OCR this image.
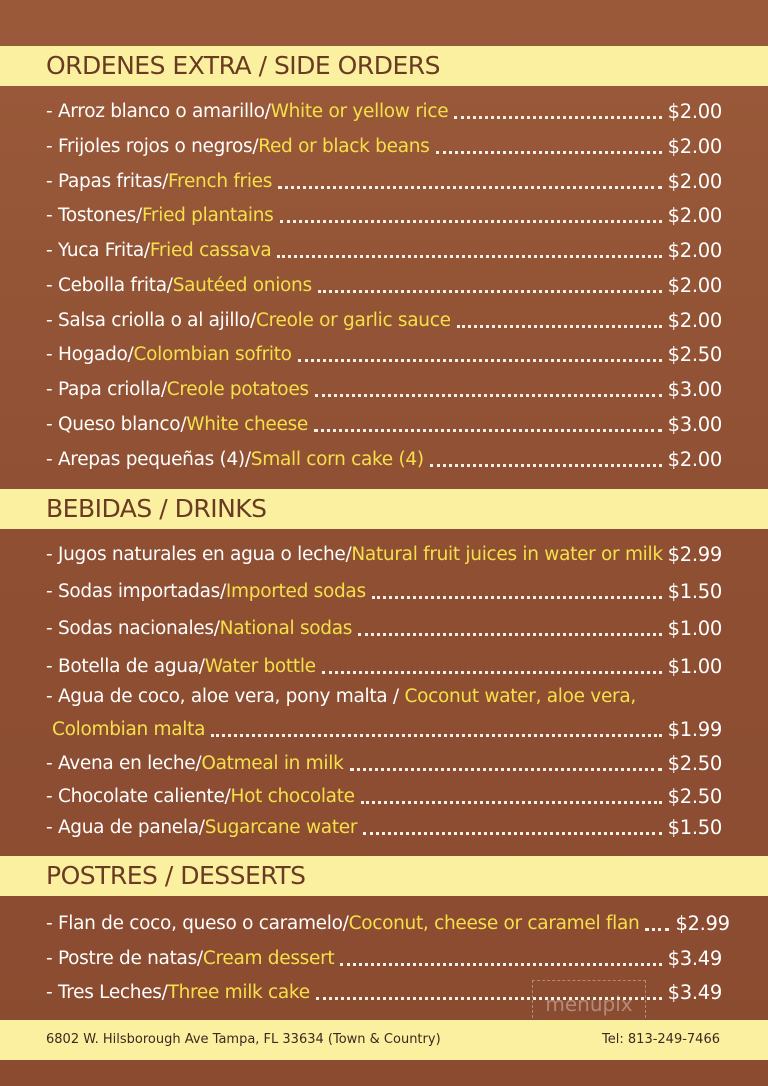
ORDENES EXTRA / SIDE ORDERS
- Arroz blanco o amarillo / White or yellow rice	$2.00
- Frijoles rojos o negros / Red or black beans	$2.00
- Papas fritas / French fries	$2.00
- Tostones / Fried plantains	$2.00
- Yuca Frita / Fried cassava	$2.00
- Cebolla frita / Sautéed onions	$2.00
- Salsa criolla o al ajillo / Creole or garlic sauce	$2.00
- Hogado / Colombian sofrito	$2.50
- Papa criolla / Creole potatoes	$3.00
- Queso blanco / White cheese	$3.00
- Arepas pequeñas (4) / Small corn cake (4)	$2.00
BEBIDAS / DRINKS
- Jugos naturales en agua o leche / Natural fruit juices in water or milk $2.99
- Sodas importadas / Imported sodas	$1.50
- Sodas nacionales / National sodas	$1.00
- Botella de agua / Water bottle	$1.00
- Agua de coco, aloe vera, pony malta / Coconut water, aloe vera,
Colombian malta	$1.99
- Avena en leche / Oatmeal in milk	$2.50
- Chocolate caliente / Hot chocolate	$2.50
- Agua de panela / Sugarcane water	$1.50
POSTRES / DESSERTS
- Flan de coco, queso o caramelo / Coconut, cheese or caramel flan $2.99
- Postre de natas / Cream dessert	$3.49
- Tres Leches / Three milk cake	$3.49
menupix
6802 W. Hilsborough Ave Tampa, FL 33634 (Town & Country)	Tel: 813-249-7466
